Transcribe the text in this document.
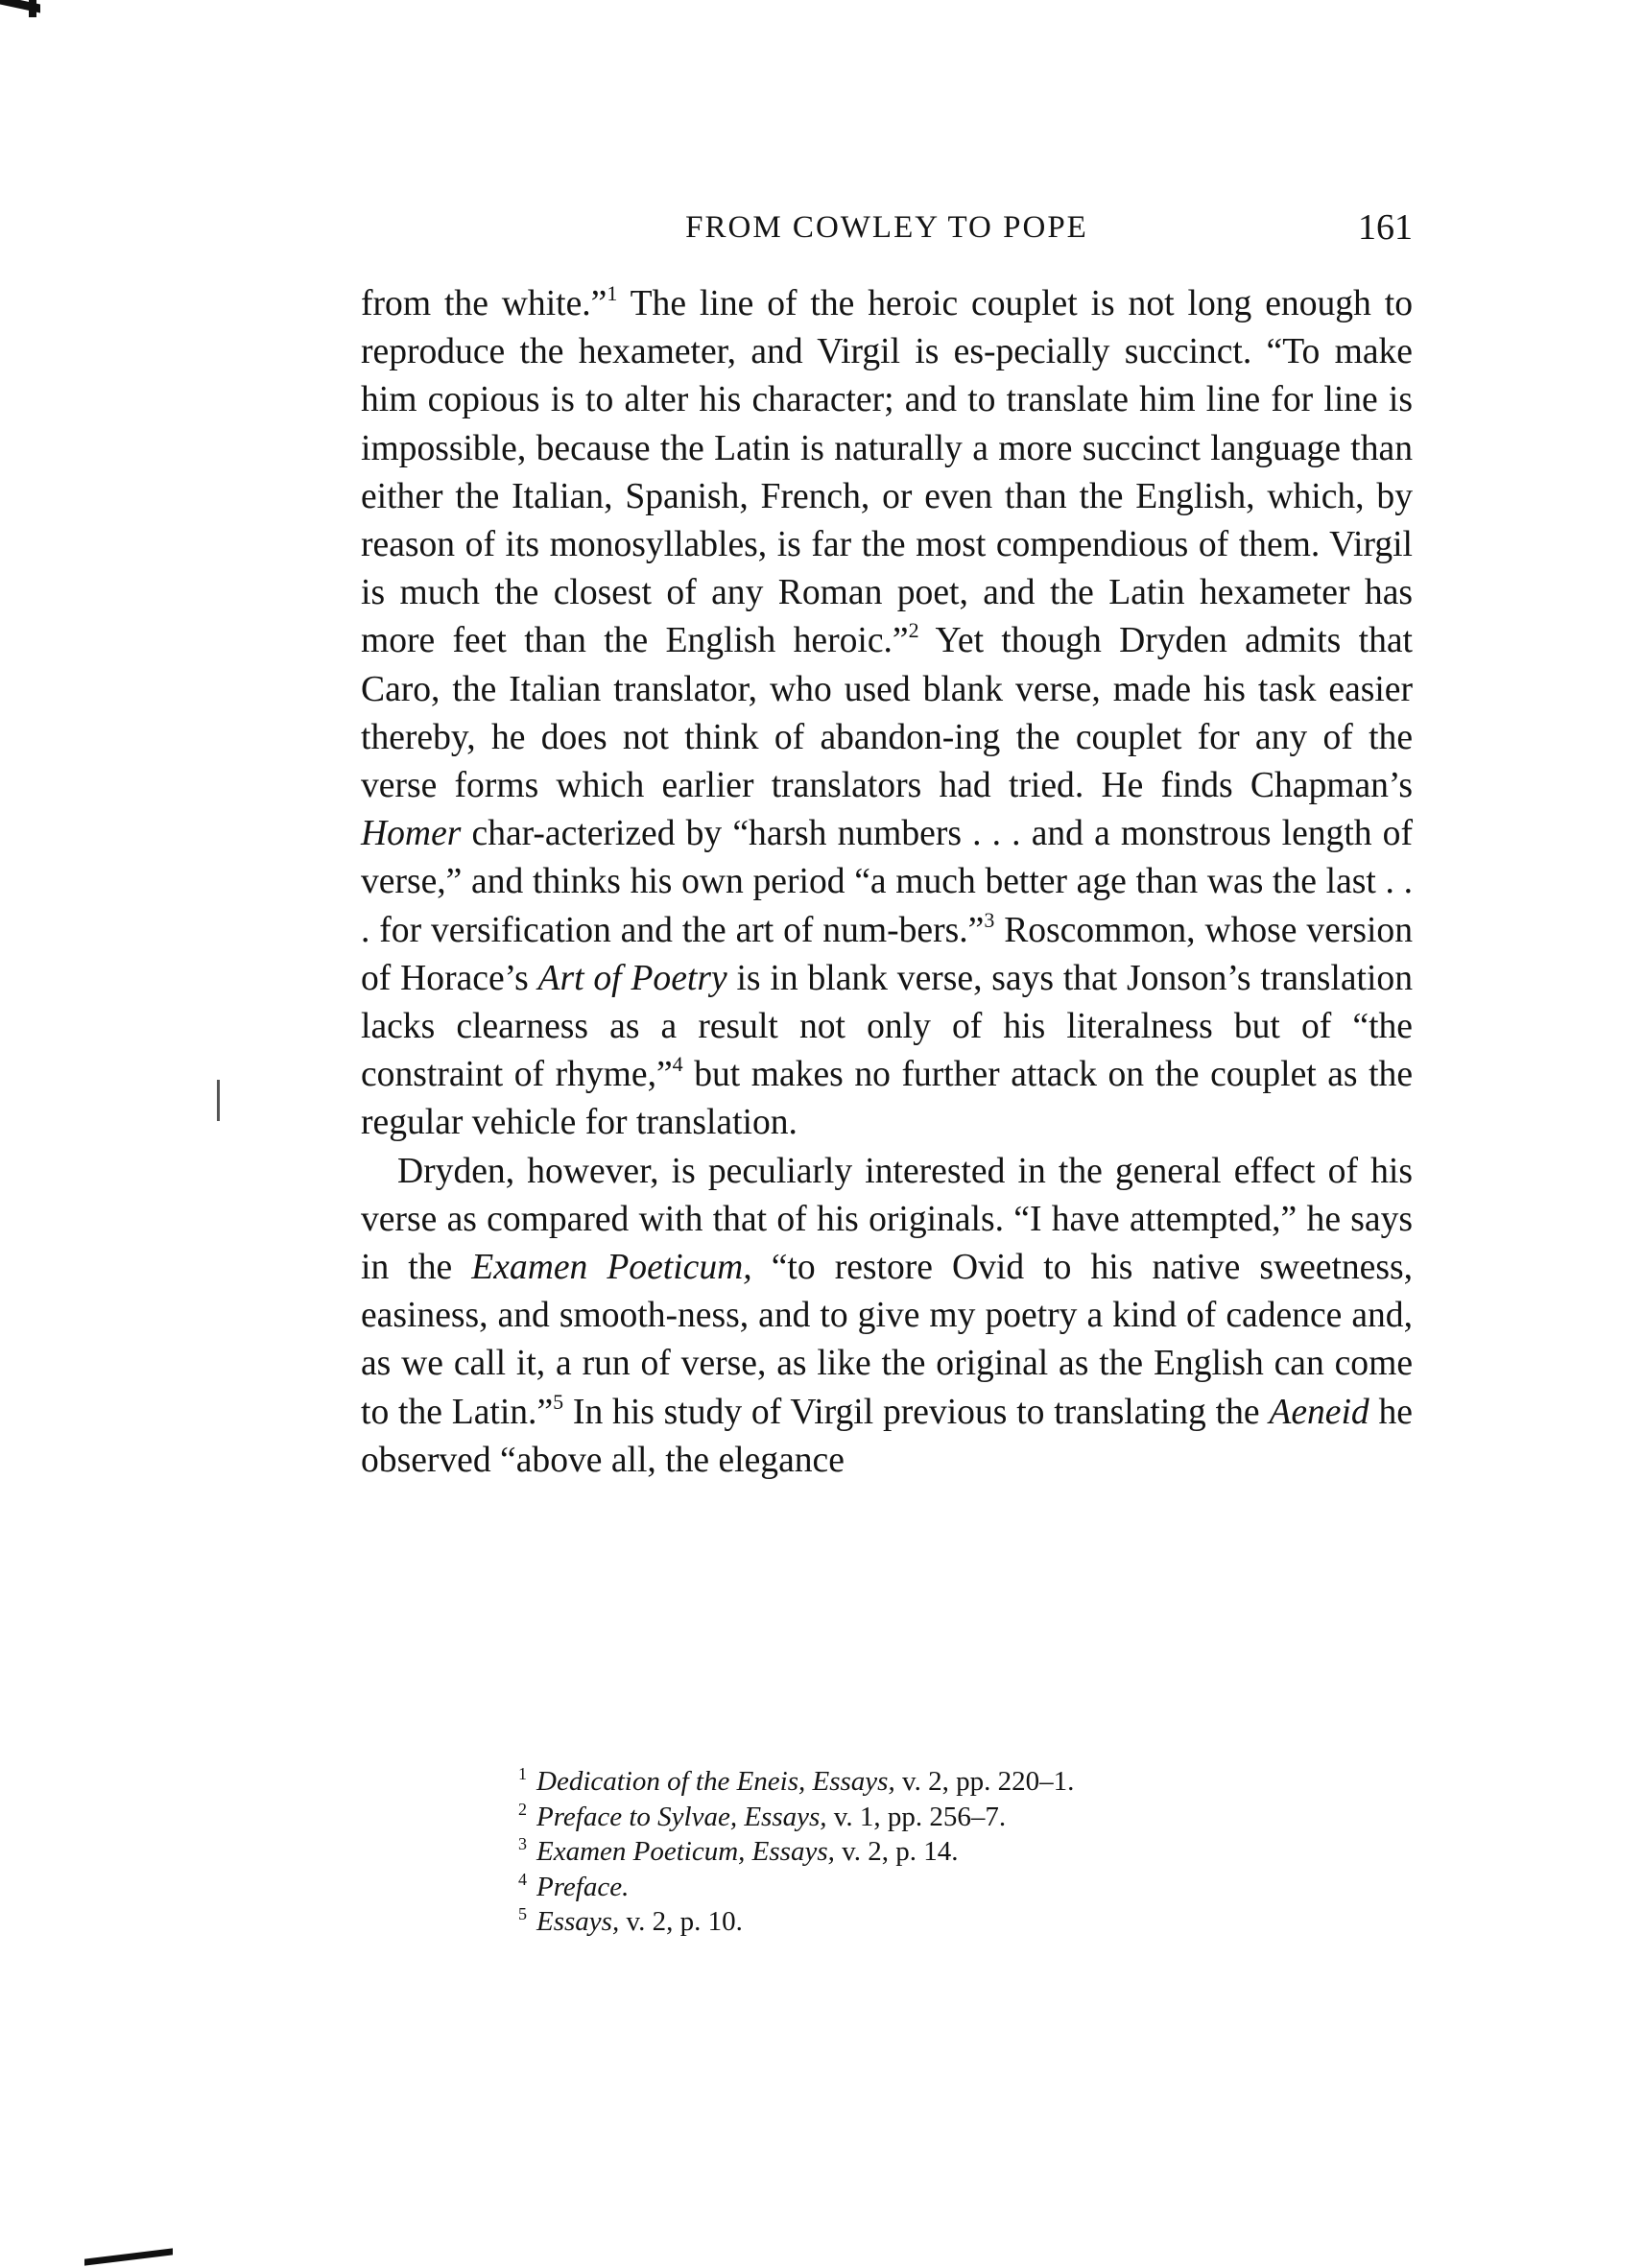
FROM COWLEY TO POPE	161

from the white.”$^1$ The line of the heroic couplet is not long enough to reproduce the hexameter, and Virgil is es-pecially succinct. “To make him copious is to alter his character; and to translate him line for line is impossible, because the Latin is naturally a more succinct language than either the Italian, Spanish, French, or even than the English, which, by reason of its monosyllables, is far the most compendious of them. Virgil is much the closest of any Roman poet, and the Latin hexameter has more feet than the English heroic.”$^2$ Yet though Dryden admits that Caro, the Italian translator, who used blank verse, made his task easier thereby, he does not think of abandon-ing the couplet for any of the verse forms which earlier translators had tried. He finds Chapman’s Homer char-acterized by “harsh numbers . . . and a monstrous length of verse,” and thinks his own period “a much better age than was the last . . . for versification and the art of num-bers.”$^3$ Roscommon, whose version of Horace’s Art of Poetry is in blank verse, says that Jonson’s translation lacks clearness as a result not only of his literalness but of “the constraint of rhyme,”$^4$ but makes no further attack on the couplet as the regular vehicle for translation.

Dryden, however, is peculiarly interested in the general effect of his verse as compared with that of his originals. “I have attempted,” he says in the Examen Poeticum, “to restore Ovid to his native sweetness, easiness, and smooth-ness, and to give my poetry a kind of cadence and, as we call it, a run of verse, as like the original as the English can come to the Latin.”$^5$ In his study of Virgil previous to translating the Aeneid he observed “above all, the elegance

$^1$ Dedication of the Eneis, Essays, v. 2, pp. 220–1.
$^2$ Preface to Sylvae, Essays, v. 1, pp. 256–7.
$^3$ Examen Poeticum, Essays, v. 2, p. 14.
$^4$ Preface.
$^5$ Essays, v. 2, p. 10.
